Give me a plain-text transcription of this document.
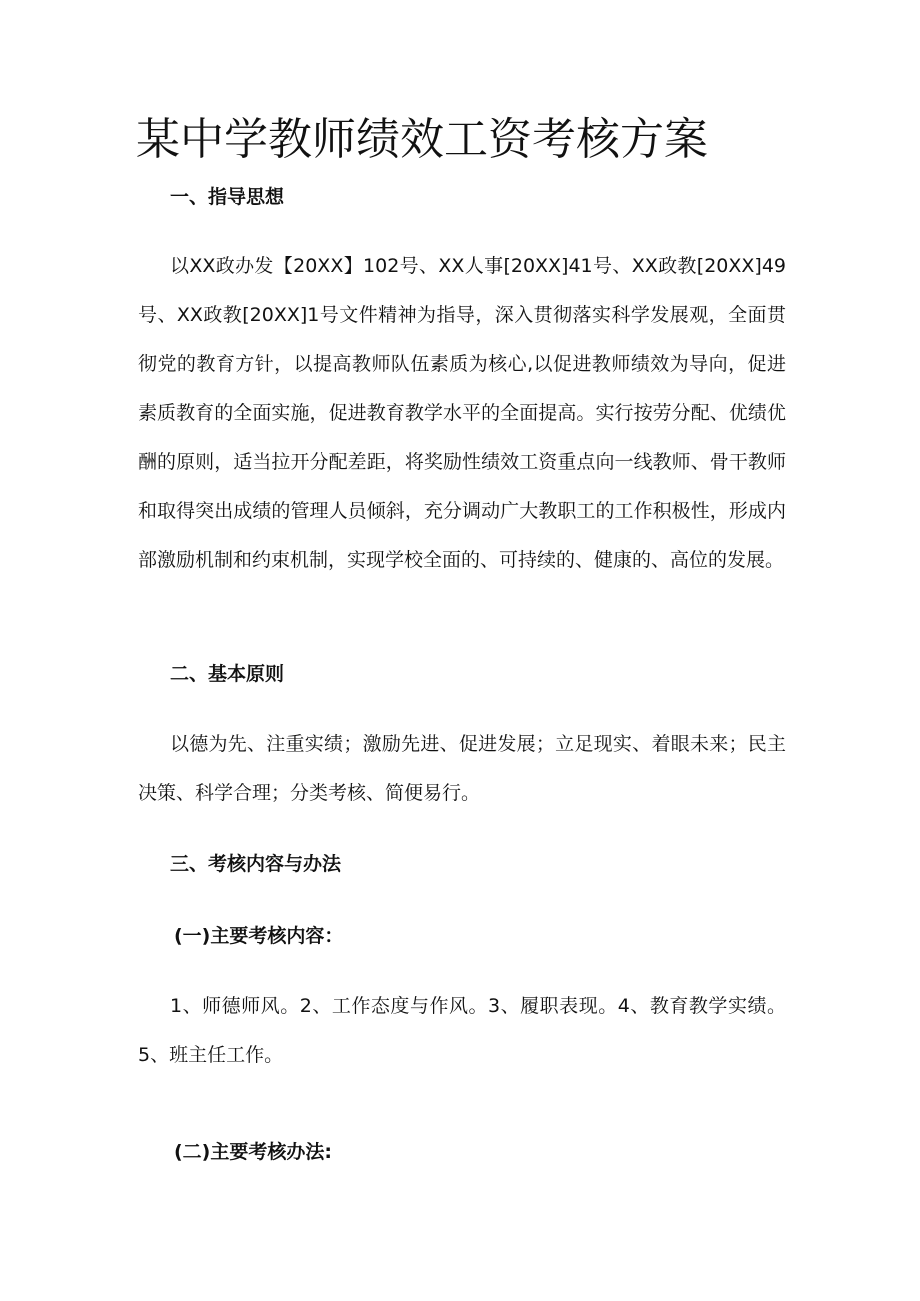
某中学教师绩效工资考核方案
一、指导思想

以XX政办发【20XX】102号、XX人事[20XX]41号、XX政教[20XX]49号、XX政教[20XX]1号文件精神为指导，深入贯彻落实科学发展观，全面贯彻党的教育方针，以提高教师队伍素质为核心,以促进教师绩效为导向，促进素质教育的全面实施，促进教育教学水平的全面提高。实行按劳分配、优绩优酬的原则，适当拉开分配差距，将奖励性绩效工资重点向一线教师、骨干教师和取得突出成绩的管理人员倾斜，充分调动广大教职工的工作积极性，形成内部激励机制和约束机制，实现学校全面的、可持续的、健康的、高位的发展。

二、基本原则

以德为先、注重实绩；激励先进、促进发展；立足现实、着眼未来；民主决策、科学合理；分类考核、简便易行。

三、考核内容与办法
(一)主要考核内容：

1、师德师风。2、工作态度与作风。3、履职表现。4、教育教学实绩。5、班主任工作。

(二)主要考核办法:
